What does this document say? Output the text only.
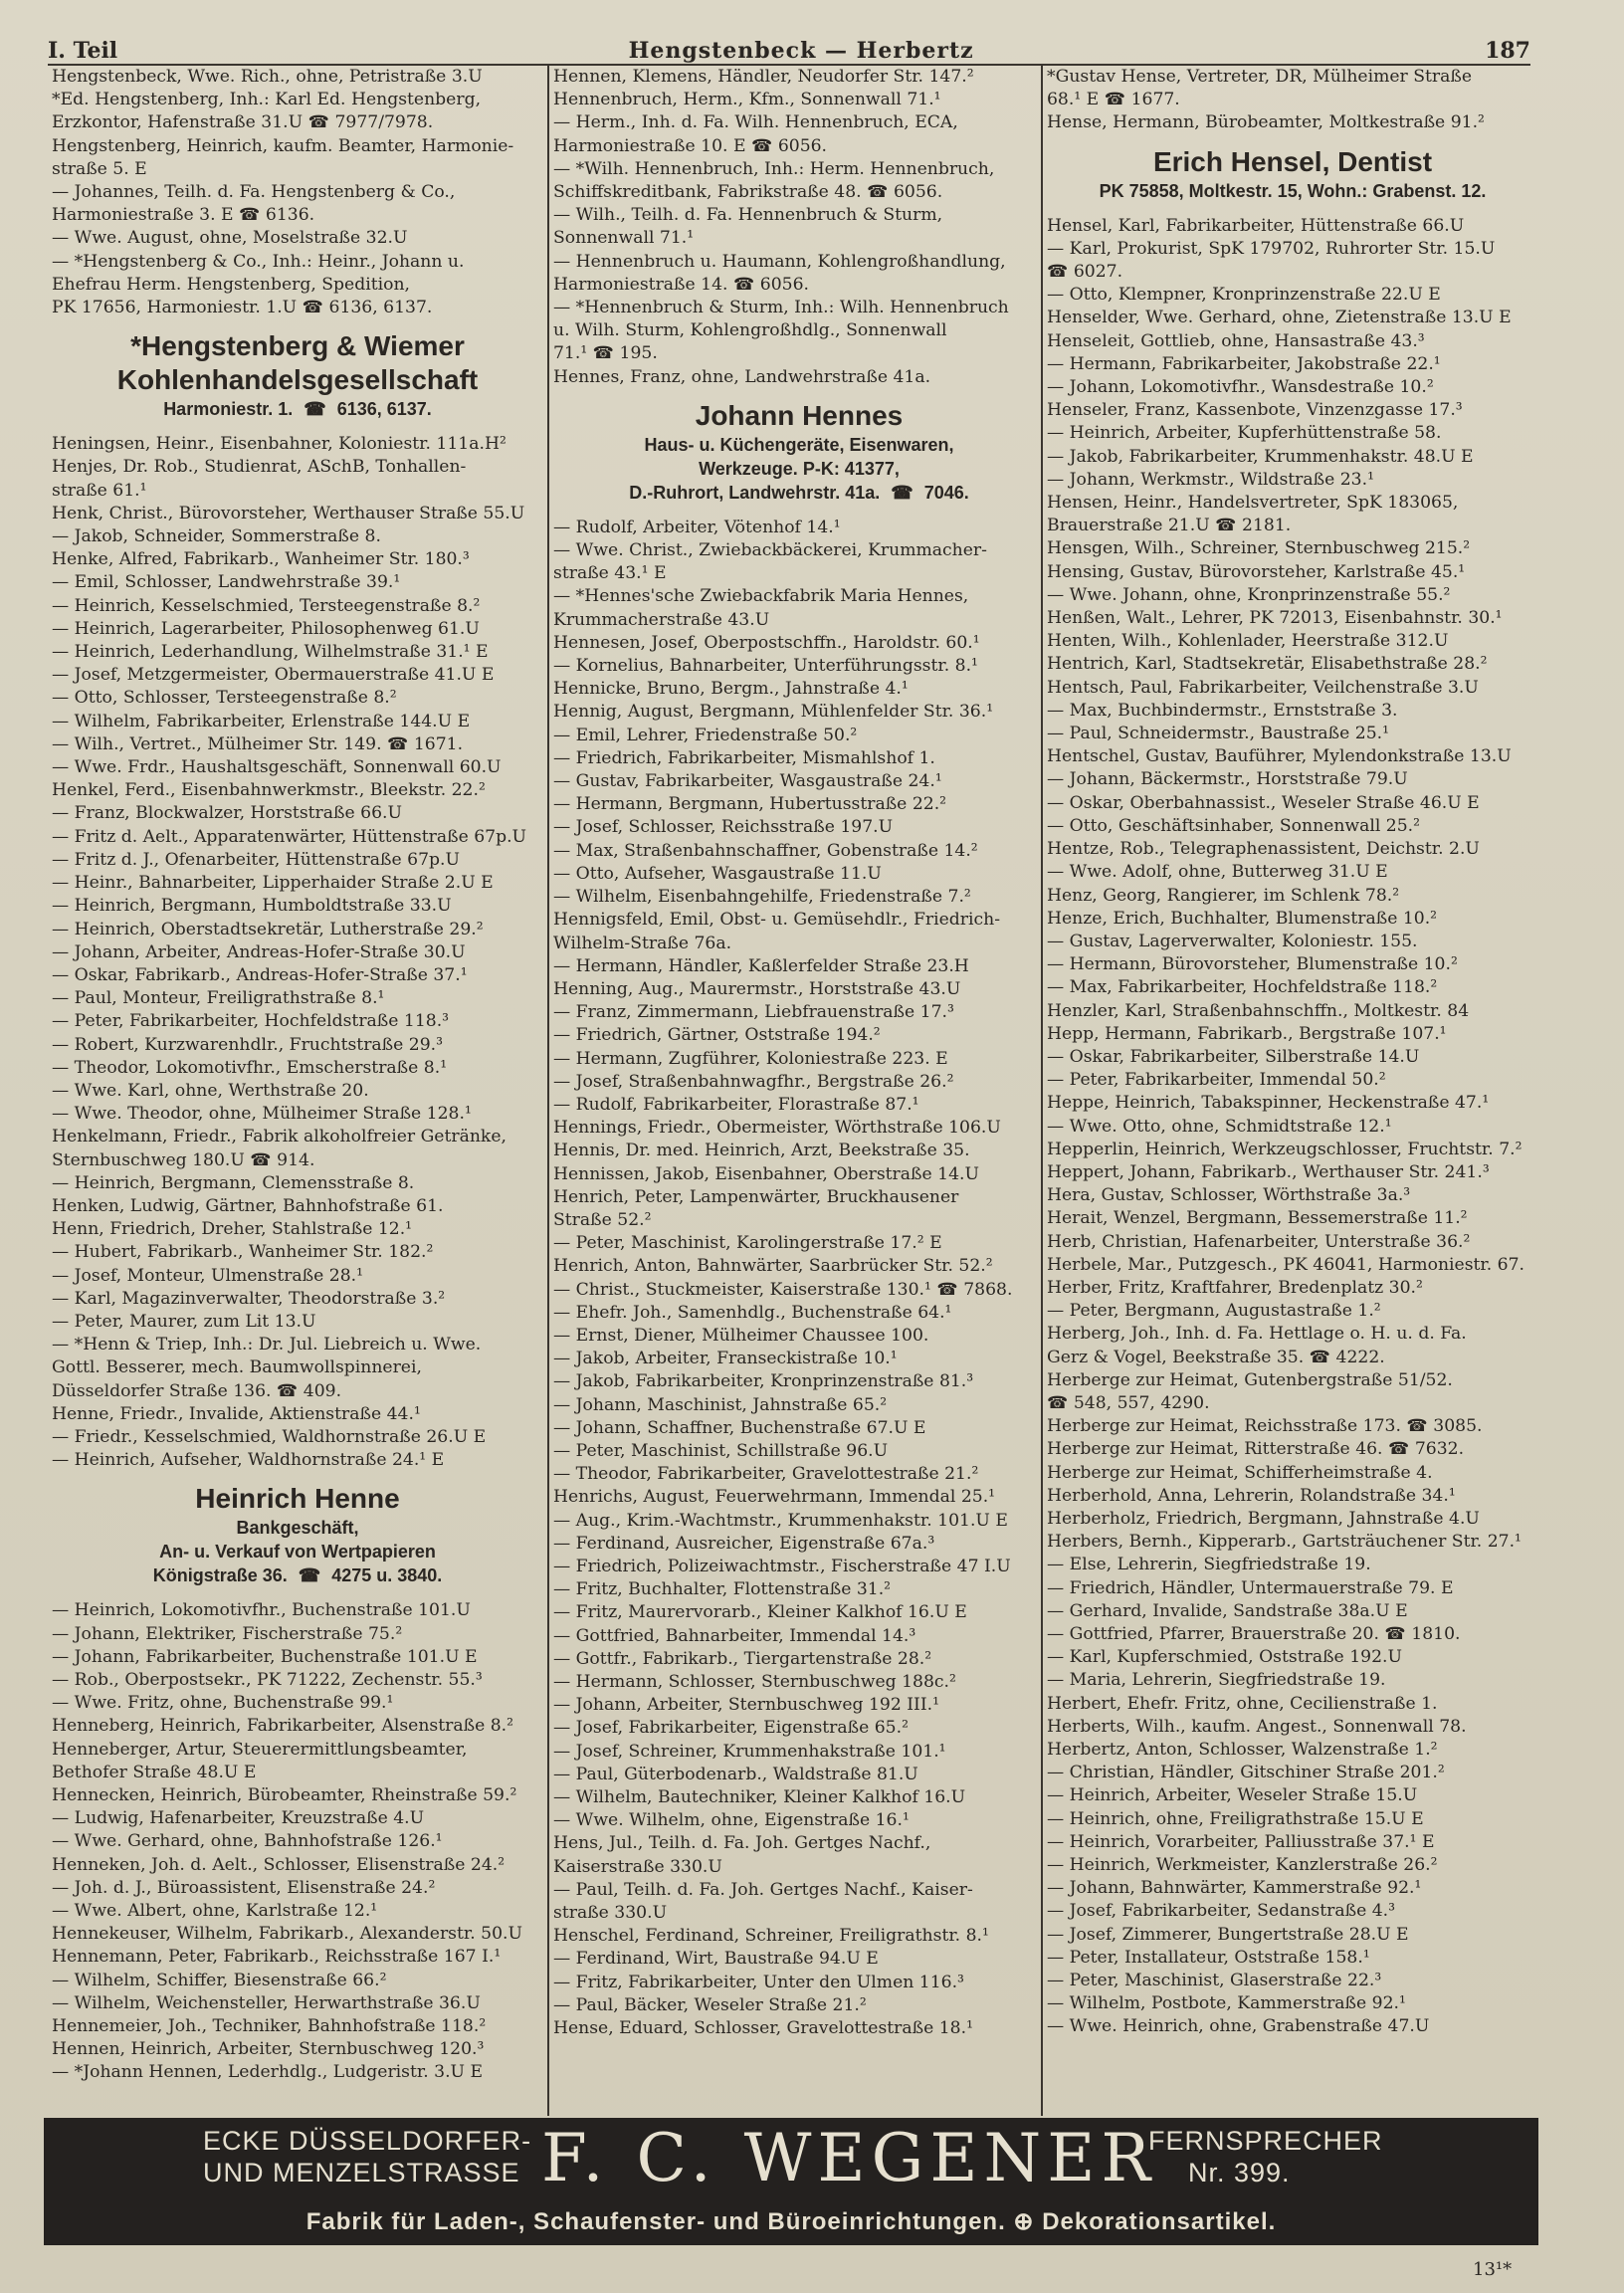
I. Teil	Hengstenbeck — Herbertz	187
Hengstenbeck, Wwe. Rich., ohne, Petristraße 3.U
*Ed. Hengstenberg, Inh.: Karl Ed. Hengstenberg,
Erzkontor, Hafenstraße 31.U ☎ 7977/7978.
Hengstenberg, Heinrich, kaufm. Beamter, Harmonie-
straße 5. E
— Johannes, Teilh. d. Fa. Hengstenberg & Co.,
Harmoniestraße 3. E ☎ 6136.
— Wwe. August, ohne, Moselstraße 32.U
— *Hengstenberg & Co., Inh.: Heinr., Johann u.
Ehefrau Herm. Hengstenberg, Spedition,
PK 17656, Harmoniestr. 1.U ☎ 6136, 6137.
*Hengstenberg & Wiemer
Kohlenhandelsgesellschaft
Harmoniestr. 1. ☎ 6136, 6137.
Heningsen, Heinr., Eisenbahner, Koloniestr. 111a.H²
Henjes, Dr. Rob., Studienrat, ASchB, Tonhallen-
straße 61.¹
Henk, Christ., Bürovorsteher, Werthauser Straße 55.U
— Jakob, Schneider, Sommerstraße 8.
Henke, Alfred, Fabrikarb., Wanheimer Str. 180.³
— Emil, Schlosser, Landwehrstraße 39.¹
— Heinrich, Kesselschmied, Tersteegenstraße 8.²
— Heinrich, Lagerarbeiter, Philosophenweg 61.U
— Heinrich, Lederhandlung, Wilhelmstraße 31.¹ E
— Josef, Metzgermeister, Obermauerstraße 41.U E
— Otto, Schlosser, Tersteegenstraße 8.²
— Wilhelm, Fabrikarbeiter, Erlenstraße 144.U E
— Wilh., Vertret., Mülheimer Str. 149. ☎ 1671.
— Wwe. Frdr., Haushaltsgeschäft, Sonnenwall 60.U
Henkel, Ferd., Eisenbahnwerkmstr., Bleekstr. 22.²
— Franz, Blockwalzer, Horststraße 66.U
— Fritz d. Aelt., Apparatenwärter, Hüttenstraße 67p.U
— Fritz d. J., Ofenarbeiter, Hüttenstraße 67p.U
— Heinr., Bahnarbeiter, Lipperhaider Straße 2.U E
— Heinrich, Bergmann, Humboldtstraße 33.U
— Heinrich, Oberstadtsekretär, Lutherstraße 29.²
— Johann, Arbeiter, Andreas-Hofer-Straße 30.U
— Oskar, Fabrikarb., Andreas-Hofer-Straße 37.¹
— Paul, Monteur, Freiligrathstraße 8.¹
— Peter, Fabrikarbeiter, Hochfeldstraße 118.³
— Robert, Kurzwarenhdlr., Fruchtstraße 29.³
— Theodor, Lokomotivfhr., Emscherstraße 8.¹
— Wwe. Karl, ohne, Werthstraße 20.
— Wwe. Theodor, ohne, Mülheimer Straße 128.¹
Henkelmann, Friedr., Fabrik alkoholfreier Getränke,
Sternbuschweg 180.U ☎ 914.
— Heinrich, Bergmann, Clemensstraße 8.
Henken, Ludwig, Gärtner, Bahnhofstraße 61.
Henn, Friedrich, Dreher, Stahlstraße 12.¹
— Hubert, Fabrikarb., Wanheimer Str. 182.²
— Josef, Monteur, Ulmenstraße 28.¹
— Karl, Magazinverwalter, Theodorstraße 3.²
— Peter, Maurer, zum Lit 13.U
— *Henn & Triep, Inh.: Dr. Jul. Liebreich u. Wwe.
Gottl. Besserer, mech. Baumwollspinnerei,
Düsseldorfer Straße 136. ☎ 409.
Henne, Friedr., Invalide, Aktienstraße 44.¹
— Friedr., Kesselschmied, Waldhornstraße 26.U E
— Heinrich, Aufseher, Waldhornstraße 24.¹ E
Heinrich Henne
Bankgeschäft,
An- u. Verkauf von Wertpapieren
Königstraße 36. ☎ 4275 u. 3840.
— Heinrich, Lokomotivfhr., Buchenstraße 101.U
— Johann, Elektriker, Fischerstraße 75.²
— Johann, Fabrikarbeiter, Buchenstraße 101.U E
— Rob., Oberpostsekr., PK 71222, Zechenstr. 55.³
— Wwe. Fritz, ohne, Buchenstraße 99.¹
Henneberg, Heinrich, Fabrikarbeiter, Alsenstraße 8.²
Henneberger, Artur, Steuerermittlungsbeamter,
Bethofer Straße 48.U E
Hennecken, Heinrich, Bürobeamter, Rheinstraße 59.²
— Ludwig, Hafenarbeiter, Kreuzstraße 4.U
— Wwe. Gerhard, ohne, Bahnhofstraße 126.¹
Henneken, Joh. d. Aelt., Schlosser, Elisenstraße 24.²
— Joh. d. J., Büroassistent, Elisenstraße 24.²
— Wwe. Albert, ohne, Karlstraße 12.¹
Hennekeuser, Wilhelm, Fabrikarb., Alexanderstr. 50.U
Hennemann, Peter, Fabrikarb., Reichsstraße 167 I.¹
— Wilhelm, Schiffer, Biesenstraße 66.²
— Wilhelm, Weichensteller, Herwarthstraße 36.U
Hennemeier, Joh., Techniker, Bahnhofstraße 118.²
Hennen, Heinrich, Arbeiter, Sternbuschweg 120.³
— *Johann Hennen, Lederhdlg., Ludgeristr. 3.U E
Hennen, Klemens, Händler, Neudorfer Str. 147.²
Hennenbruch, Herm., Kfm., Sonnenwall 71.¹
— Herm., Inh. d. Fa. Wilh. Hennenbruch, ECA,
Harmoniestraße 10. E ☎ 6056.
— *Wilh. Hennenbruch, Inh.: Herm. Hennenbruch,
Schiffskreditbank, Fabrikstraße 48. ☎ 6056.
— Wilh., Teilh. d. Fa. Hennenbruch & Sturm,
Sonnenwall 71.¹
— Hennenbruch u. Haumann, Kohlengroßhandlung,
Harmoniestraße 14. ☎ 6056.
— *Hennenbruch & Sturm, Inh.: Wilh. Hennenbruch
u. Wilh. Sturm, Kohlengroßhdlg., Sonnenwall
71.¹ ☎ 195.
Hennes, Franz, ohne, Landwehrstraße 41a.
Johann Hennes
Haus- u. Küchengeräte, Eisenwaren,
Werkzeuge. P-K: 41377,
D.-Ruhrort, Landwehrstr. 41a. ☎ 7046.
— Rudolf, Arbeiter, Vötenhof 14.¹
— Wwe. Christ., Zwiebackbäckerei, Krummacher-
straße 43.¹ E
— *Hennes'sche Zwiebackfabrik Maria Hennes,
Krummacherstraße 43.U
Hennesen, Josef, Oberpostschffn., Haroldstr. 60.¹
— Kornelius, Bahnarbeiter, Unterführungsstr. 8.¹
Hennicke, Bruno, Bergm., Jahnstraße 4.¹
Hennig, August, Bergmann, Mühlenfelder Str. 36.¹
— Emil, Lehrer, Friedenstraße 50.²
— Friedrich, Fabrikarbeiter, Mismahlshof 1.
— Gustav, Fabrikarbeiter, Wasgaustraße 24.¹
— Hermann, Bergmann, Hubertusstraße 22.²
— Josef, Schlosser, Reichsstraße 197.U
— Max, Straßenbahnschaffner, Gobenstraße 14.²
— Otto, Aufseher, Wasgaustraße 11.U
— Wilhelm, Eisenbahngehilfe, Friedenstraße 7.²
Hennigsfeld, Emil, Obst- u. Gemüsehdlr., Friedrich-
Wilhelm-Straße 76a.
— Hermann, Händler, Kaßlerfelder Straße 23.H
Henning, Aug., Maurermstr., Horststraße 43.U
— Franz, Zimmermann, Liebfrauenstraße 17.³
— Friedrich, Gärtner, Oststraße 194.²
— Hermann, Zugführer, Koloniestraße 223. E
— Josef, Straßenbahnwagfhr., Bergstraße 26.²
— Rudolf, Fabrikarbeiter, Florastraße 87.¹
Hennings, Friedr., Obermeister, Wörthstraße 106.U
Hennis, Dr. med. Heinrich, Arzt, Beekstraße 35.
Hennissen, Jakob, Eisenbahner, Oberstraße 14.U
Henrich, Peter, Lampenwärter, Bruckhausener
Straße 52.²
— Peter, Maschinist, Karolingerstraße 17.² E
Henrich, Anton, Bahnwärter, Saarbrücker Str. 52.²
— Christ., Stuckmeister, Kaiserstraße 130.¹ ☎ 7868.
— Ehefr. Joh., Samenhdlg., Buchenstraße 64.¹
— Ernst, Diener, Mülheimer Chaussee 100.
— Jakob, Arbeiter, Franseckistraße 10.¹
— Jakob, Fabrikarbeiter, Kronprinzenstraße 81.³
— Johann, Maschinist, Jahnstraße 65.²
— Johann, Schaffner, Buchenstraße 67.U E
— Peter, Maschinist, Schillstraße 96.U
— Theodor, Fabrikarbeiter, Gravelottestraße 21.²
Henrichs, August, Feuerwehrmann, Immendal 25.¹
— Aug., Krim.-Wachtmstr., Krummenhakstr. 101.U E
— Ferdinand, Ausreicher, Eigenstraße 67a.³
— Friedrich, Polizeiwachtmstr., Fischerstraße 47 I.U
— Fritz, Buchhalter, Flottenstraße 31.²
— Fritz, Maurervorarb., Kleiner Kalkhof 16.U E
— Gottfried, Bahnarbeiter, Immendal 14.³
— Gottfr., Fabrikarb., Tiergartenstraße 28.²
— Hermann, Schlosser, Sternbuschweg 188c.²
— Johann, Arbeiter, Sternbuschweg 192 III.¹
— Josef, Fabrikarbeiter, Eigenstraße 65.²
— Josef, Schreiner, Krummenhakstraße 101.¹
— Paul, Güterbodenarb., Waldstraße 81.U
— Wilhelm, Bautechniker, Kleiner Kalkhof 16.U
— Wwe. Wilhelm, ohne, Eigenstraße 16.¹
Hens, Jul., Teilh. d. Fa. Joh. Gertges Nachf.,
Kaiserstraße 330.U
— Paul, Teilh. d. Fa. Joh. Gertges Nachf., Kaiser-
straße 330.U
Henschel, Ferdinand, Schreiner, Freiligrathstr. 8.¹
— Ferdinand, Wirt, Baustraße 94.U E
— Fritz, Fabrikarbeiter, Unter den Ulmen 116.³
— Paul, Bäcker, Weseler Straße 21.²
Hense, Eduard, Schlosser, Gravelottestraße 18.¹
*Gustav Hense, Vertreter, DR, Mülheimer Straße
68.¹ E ☎ 1677.
Hense, Hermann, Bürobeamter, Moltkestraße 91.²
Erich Hensel, Dentist
PK 75858, Moltkestr. 15, Wohn.: Grabenst. 12.
Hensel, Karl, Fabrikarbeiter, Hüttenstraße 66.U
— Karl, Prokurist, SpK 179702, Ruhrorter Str. 15.U
☎ 6027.
— Otto, Klempner, Kronprinzenstraße 22.U E
Henselder, Wwe. Gerhard, ohne, Zietenstraße 13.U E
Henseleit, Gottlieb, ohne, Hansastraße 43.³
— Hermann, Fabrikarbeiter, Jakobstraße 22.¹
— Johann, Lokomotivfhr., Wansdestraße 10.²
Henseler, Franz, Kassenbote, Vinzenzgasse 17.³
— Heinrich, Arbeiter, Kupferhüttenstraße 58.
— Jakob, Fabrikarbeiter, Krummenhakstr. 48.U E
— Johann, Werkmstr., Wildstraße 23.¹
Hensen, Heinr., Handelsvertreter, SpK 183065,
Brauerstraße 21.U ☎ 2181.
Hensgen, Wilh., Schreiner, Sternbuschweg 215.²
Hensing, Gustav, Bürovorsteher, Karlstraße 45.¹
— Wwe. Johann, ohne, Kronprinzenstraße 55.²
Henßen, Walt., Lehrer, PK 72013, Eisenbahnstr. 30.¹
Henten, Wilh., Kohlenlader, Heerstraße 312.U
Hentrich, Karl, Stadtsekretär, Elisabethstraße 28.²
Hentsch, Paul, Fabrikarbeiter, Veilchenstraße 3.U
— Max, Buchbindermstr., Ernststraße 3.
— Paul, Schneidermstr., Baustraße 25.¹
Hentschel, Gustav, Bauführer, Mylendonkstraße 13.U
— Johann, Bäckermstr., Horststraße 79.U
— Oskar, Oberbahnassist., Weseler Straße 46.U E
— Otto, Geschäftsinhaber, Sonnenwall 25.²
Hentze, Rob., Telegraphenassistent, Deichstr. 2.U
— Wwe. Adolf, ohne, Butterweg 31.U E
Henz, Georg, Rangierer, im Schlenk 78.²
Henze, Erich, Buchhalter, Blumenstraße 10.²
— Gustav, Lagerverwalter, Koloniestr. 155.
— Hermann, Bürovorsteher, Blumenstraße 10.²
— Max, Fabrikarbeiter, Hochfeldstraße 118.²
Henzler, Karl, Straßenbahnschffn., Moltkestr. 84
Hepp, Hermann, Fabrikarb., Bergstraße 107.¹
— Oskar, Fabrikarbeiter, Silberstraße 14.U
— Peter, Fabrikarbeiter, Immendal 50.²
Heppe, Heinrich, Tabakspinner, Heckenstraße 47.¹
— Wwe. Otto, ohne, Schmidtstraße 12.¹
Hepperlin, Heinrich, Werkzeugschlosser, Fruchtstr. 7.²
Heppert, Johann, Fabrikarb., Werthauser Str. 241.³
Hera, Gustav, Schlosser, Wörthstraße 3a.³
Herait, Wenzel, Bergmann, Bessemerstraße 11.²
Herb, Christian, Hafenarbeiter, Unterstraße 36.²
Herbele, Mar., Putzgesch., PK 46041, Harmoniestr. 67.
Herber, Fritz, Kraftfahrer, Bredenplatz 30.²
— Peter, Bergmann, Augustastraße 1.²
Herberg, Joh., Inh. d. Fa. Hettlage o. H. u. d. Fa.
Gerz & Vogel, Beekstraße 35. ☎ 4222.
Herberge zur Heimat, Gutenbergstraße 51/52.
☎ 548, 557, 4290.
Herberge zur Heimat, Reichsstraße 173. ☎ 3085.
Herberge zur Heimat, Ritterstraße 46. ☎ 7632.
Herberge zur Heimat, Schifferheimstraße 4.
Herberhold, Anna, Lehrerin, Rolandstraße 34.¹
Herberholz, Friedrich, Bergmann, Jahnstraße 4.U
Herbers, Bernh., Kipperarb., Gartsträuchener Str. 27.¹
— Else, Lehrerin, Siegfriedstraße 19.
— Friedrich, Händler, Untermauerstraße 79. E
— Gerhard, Invalide, Sandstraße 38a.U E
— Gottfried, Pfarrer, Brauerstraße 20. ☎ 1810.
— Karl, Kupferschmied, Oststraße 192.U
— Maria, Lehrerin, Siegfriedstraße 19.
Herbert, Ehefr. Fritz, ohne, Cecilienstraße 1.
Herberts, Wilh., kaufm. Angest., Sonnenwall 78.
Herbertz, Anton, Schlosser, Walzenstraße 1.²
— Christian, Händler, Gitschiner Straße 201.²
— Heinrich, Arbeiter, Weseler Straße 15.U
— Heinrich, ohne, Freiligrathstraße 15.U E
— Heinrich, Vorarbeiter, Palliusstraße 37.¹ E
— Heinrich, Werkmeister, Kanzlerstraße 26.²
— Johann, Bahnwärter, Kammerstraße 92.¹
— Josef, Fabrikarbeiter, Sedanstraße 4.³
— Josef, Zimmerer, Bungertstraße 28.U E
— Peter, Installateur, Oststraße 158.¹
— Peter, Maschinist, Glaserstraße 22.³
— Wilhelm, Postbote, Kammerstraße 92.¹
— Wwe. Heinrich, ohne, Grabenstraße 47.U
ECKE DÜSSELDORFER-
UND MENZELSTRASSE F. C. WEGENER
FERNSPRECHER
Nr. 399.
Fabrik für Laden-, Schaufenster- und Büroeinrichtungen. ⊕ Dekorationsartikel.
13¹*
